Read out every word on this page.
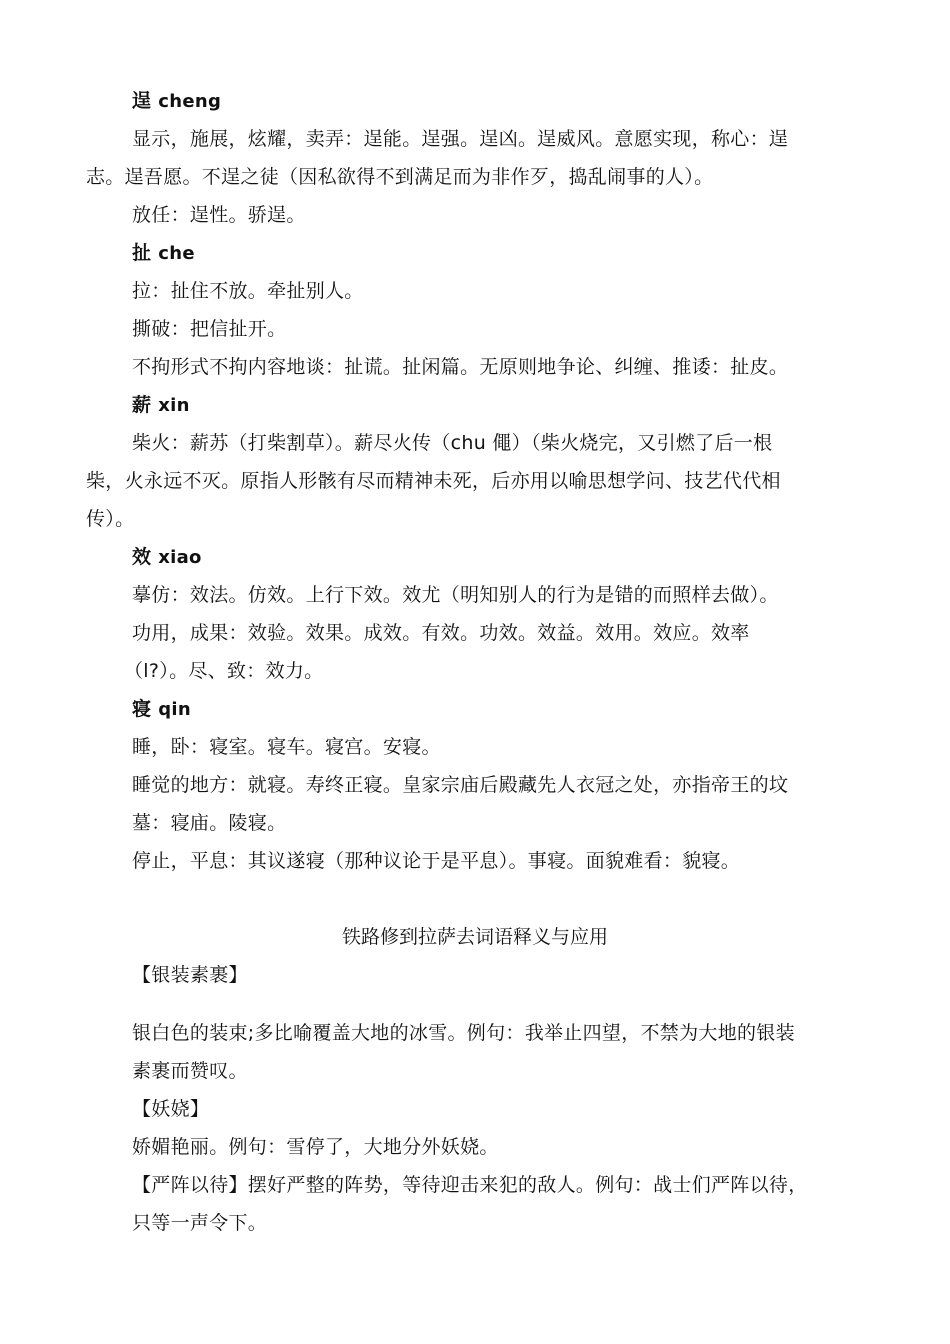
逞 cheng
显示，施展，炫耀，卖弄：逞能。逞强。逞凶。逞威风。意愿实现，称心：逞
志。逞吾愿。不逞之徒（因私欲得不到满足而为非作歹，捣乱闹事的人）。
放任：逞性。骄逞。
扯 che
拉：扯住不放。牵扯别人。
撕破：把信扯开。
不拘形式不拘内容地谈：扯谎。扯闲篇。无原则地争论、纠缠、推诿：扯皮。
薪 xin
柴火：薪苏（打柴割草）。薪尽火传（chu 僶）（柴火烧完，又引燃了后一根
柴，火永远不灭。原指人形骸有尽而精神未死，后亦用以喻思想学问、技艺代代相
传）。
效 xiao
摹仿：效法。仿效。上行下效。效尤（明知别人的行为是错的而照样去做）。
功用，成果：效验。效果。成效。有效。功效。效益。效用。效应。效率
（l?）。尽、致：效力。
寝 qin
睡，卧：寝室。寝车。寝宫。安寝。
睡觉的地方：就寝。寿终正寝。皇家宗庙后殿藏先人衣冠之处，亦指帝王的坟
墓：寝庙。陵寝。
停止，平息：其议遂寝（那种议论于是平息）。事寝。面貌难看：貌寝。
铁路修到拉萨去词语释义与应用
【银装素裹】
银白色的装束;多比喻覆盖大地的冰雪。例句：我举止四望，不禁为大地的银装
素裹而赞叹。
【妖娆】
娇媚艳丽。例句：雪停了，大地分外妖娆。
【严阵以待】摆好严整的阵势，等待迎击来犯的敌人。例句：战士们严阵以待，
只等一声令下。
